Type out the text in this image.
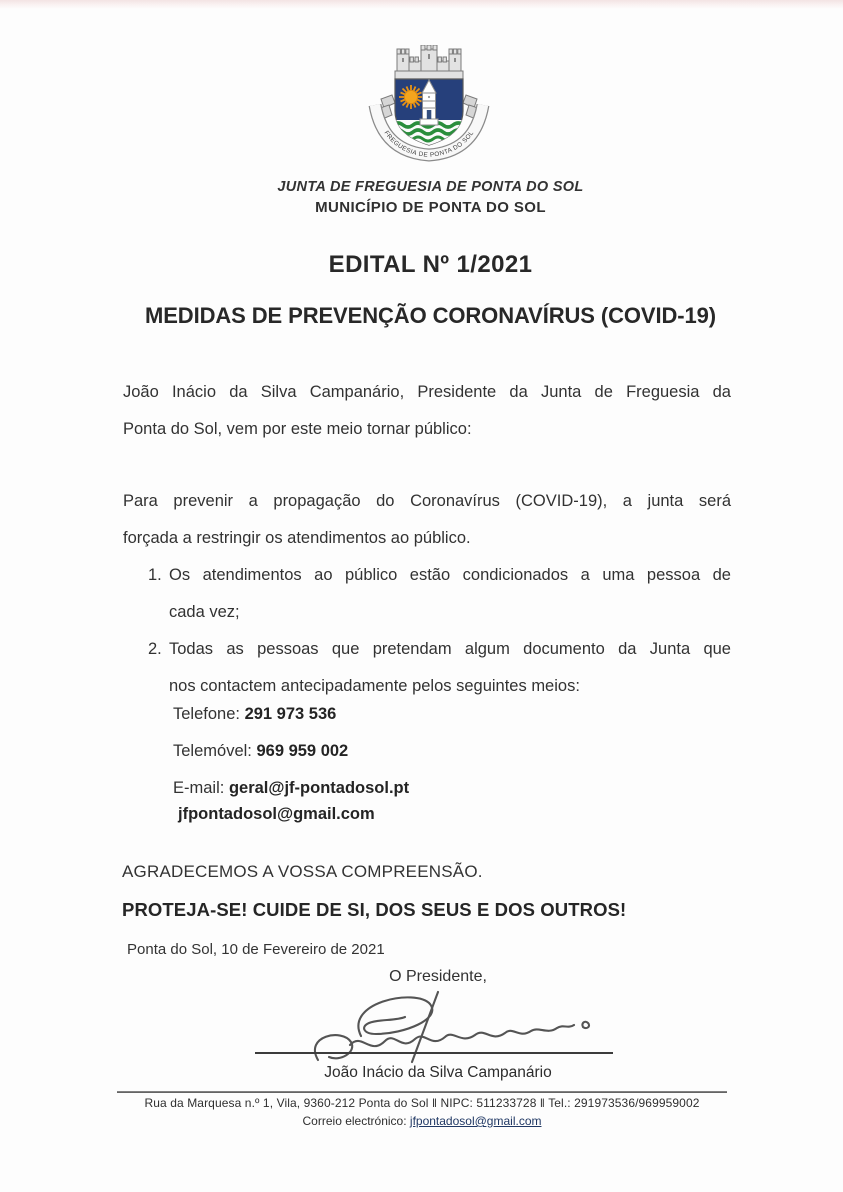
FREGUESIA DE PONTA DO SOL
JUNTA DE FREGUESIA DE PONTA DO SOL
MUNICÍPIO DE PONTA DO SOL
EDITAL Nº 1/2021
MEDIDAS DE PREVENÇÃO CORONAVÍRUS (COVID-19)
João Inácio da Silva Campanário, Presidente da Junta de Freguesia da
Ponta do Sol, vem por este meio tornar público:
Para prevenir a propagação do Coronavírus (COVID-19), a junta será
forçada a restringir os atendimentos ao público.
1. Os atendimentos ao público estão condicionados a uma pessoa de
cada vez;
2. Todas as pessoas que pretendam algum documento da Junta que
nos contactem antecipadamente pelos seguintes meios:
Telefone: 291 973 536
Telemóvel: 969 959 002
E-mail: geral@jf-pontadosol.pt
jfpontadosol@gmail.com
AGRADECEMOS A VOSSA COMPREENSÃO.
PROTEJA-SE! CUIDE DE SI, DOS SEUS E DOS OUTROS!
Ponta do Sol, 10 de Fevereiro de 2021
O Presidente,
João Inácio da Silva Campanário
Rua da Marquesa n.º 1, Vila, 9360-212 Ponta do Sol ‖ NIPC: 511233728 ‖ Tel.: 291973536/969959002
Correio electrónico: jfpontadosol@gmail.com
